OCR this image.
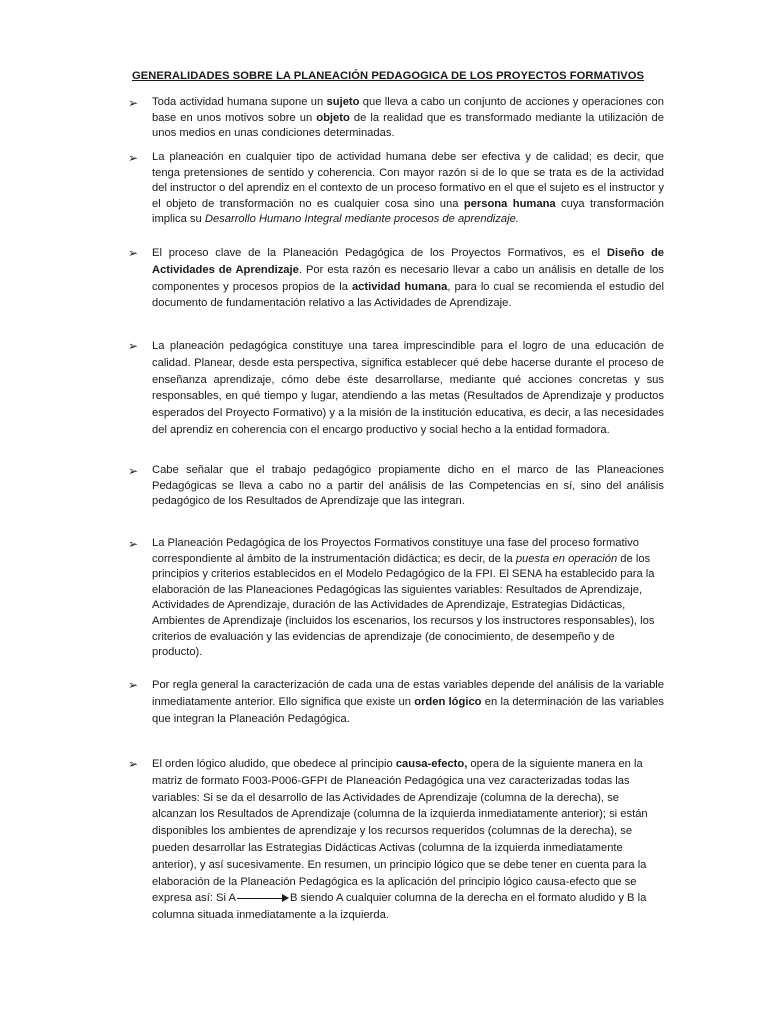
GENERALIDADES SOBRE LA PLANEACIÓN PEDAGOGICA DE LOS PROYECTOS FORMATIVOS
➢	Toda actividad humana supone un sujeto que lleva a cabo un conjunto de acciones y operaciones con base en unos motivos sobre un objeto de la realidad que es transformado mediante la utilización de unos medios en unas condiciones determinadas.
➢	La planeación en cualquier tipo de actividad humana debe ser efectiva y de calidad; es decir, que tenga pretensiones de sentido y coherencia. Con mayor razón si de lo que se trata es de la actividad del instructor o del aprendiz en el contexto de un proceso formativo en el que el sujeto es el instructor y el objeto de transformación no es cualquier cosa sino una persona humana cuya transformación implica su Desarrollo Humano Integral mediante procesos de aprendizaje.
➢	El proceso clave de la Planeación Pedagógica de los Proyectos Formativos, es el Diseño de Actividades de Aprendizaje. Por esta razón es necesario llevar a cabo un análisis en detalle de los componentes y procesos propios de la actividad humana, para lo cual se recomienda el estudio del documento de fundamentación relativo a las Actividades de Aprendizaje.
➢	La planeación pedagógica constituye una tarea imprescindible para el logro de una educación de calidad. Planear, desde esta perspectiva, significa establecer qué debe hacerse durante el proceso de enseñanza aprendizaje, cómo debe éste desarrollarse, mediante qué acciones concretas y sus responsables, en qué tiempo y lugar, atendiendo a las metas (Resultados de Aprendizaje y productos esperados del Proyecto Formativo) y a la misión de la institución educativa, es decir, a las necesidades del aprendiz en coherencia con el encargo productivo y social hecho a la entidad formadora.
➢	Cabe señalar que el trabajo pedagógico propiamente dicho en el marco de las Planeaciones Pedagógicas se lleva a cabo no a partir del análisis de las Competencias en sí, sino del análisis pedagógico de los Resultados de Aprendizaje que las integran.
➢	La Planeación Pedagógica de los Proyectos Formativos constituye una fase del proceso formativo correspondiente al ámbito de la instrumentación didáctica; es decir, de la puesta en operación de los principios y criterios establecidos en el Modelo Pedagógico de la FPI. El SENA ha establecido para la elaboración de las Planeaciones Pedagógicas las siguientes variables: Resultados de Aprendizaje, Actividades de Aprendizaje, duración de las Actividades de Aprendizaje, Estrategias Didácticas, Ambientes de Aprendizaje (incluidos los escenarios, los recursos y los instructores responsables), los criterios de evaluación y las evidencias de aprendizaje (de conocimiento, de desempeño y de producto).
➢	Por regla general la caracterización de cada una de estas variables depende del análisis de la variable inmediatamente anterior. Ello significa que existe un orden lógico en la determinación de las variables que integran la Planeación Pedagógica.
➢	El orden lógico aludido, que obedece al principio causa-efecto, opera de la siguiente manera en la matriz de formato F003-P006-GFPI de Planeación Pedagógica una vez caracterizadas todas las variables: Si se da el desarrollo de las Actividades de Aprendizaje (columna de la derecha), se alcanzan los Resultados de Aprendizaje (columna de la izquierda inmediatamente anterior); si están disponibles los ambientes de aprendizaje y los recursos requeridos (columnas de la derecha), se pueden desarrollar las Estrategias Didácticas Activas (columna de la izquierda inmediatamente anterior), y así sucesivamente. En resumen, un principio lógico que se debe tener en cuenta para la elaboración de la Planeación Pedagógica es la aplicación del principio lógico causa-efecto que se expresa así: Si A	B siendo A cualquier columna de la derecha en el formato aludido y B la columna situada inmediatamente a la izquierda.
